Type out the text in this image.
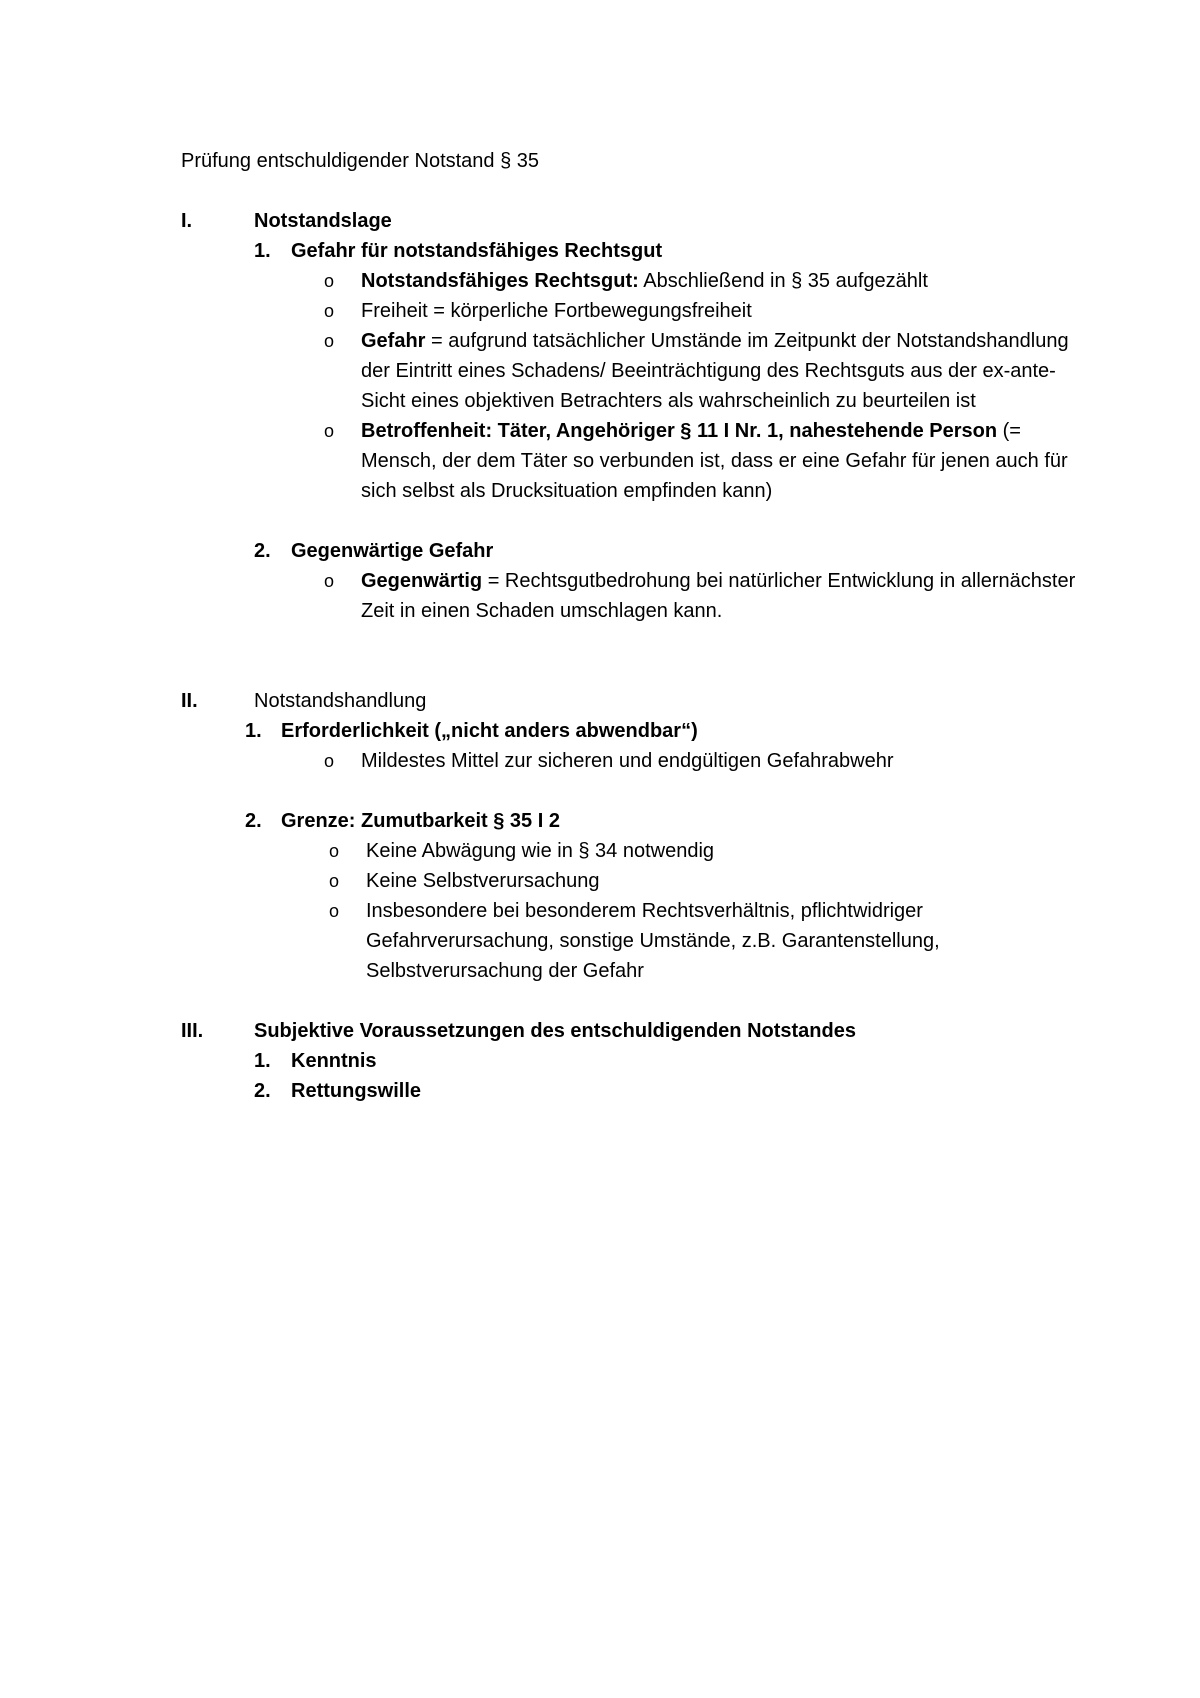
Prüfung entschuldigender Notstand § 35
I.	Notstandslage
1.	Gefahr für notstandsfähiges Rechtsgut
o	Notstandsfähiges Rechtsgut: Abschließend in § 35 aufgezählt
o	Freiheit = körperliche Fortbewegungsfreiheit
o	Gefahr = aufgrund tatsächlicher Umstände im Zeitpunkt der Notstandshandlung der Eintritt eines Schadens/ Beeinträchtigung des Rechtsguts aus der ex-ante-Sicht eines objektiven Betrachters als wahrscheinlich zu beurteilen ist
o	Betroffenheit: Täter, Angehöriger § 11 I Nr. 1, nahestehende Person (= Mensch, der dem Täter so verbunden ist, dass er eine Gefahr für jenen auch für sich selbst als Drucksituation empfinden kann)
2.	Gegenwärtige Gefahr
o	Gegenwärtig = Rechtsgutbedrohung bei natürlicher Entwicklung in allernächster Zeit in einen Schaden umschlagen kann.
II.	Notstandshandlung
1. Erforderlichkeit („nicht anders abwendbar“)
o	Mildestes Mittel zur sicheren und endgültigen Gefahrabwehr
2. Grenze: Zumutbarkeit § 35 I 2
o	Keine Abwägung wie in § 34 notwendig
o	Keine Selbstverursachung
o	Insbesondere bei besonderem Rechtsverhältnis, pflichtwidriger Gefahrverursachung, sonstige Umstände, z.B. Garantenstellung, Selbstverursachung der Gefahr
III.	Subjektive Voraussetzungen des entschuldigenden Notstandes
1.	Kenntnis
2.	Rettungswille
